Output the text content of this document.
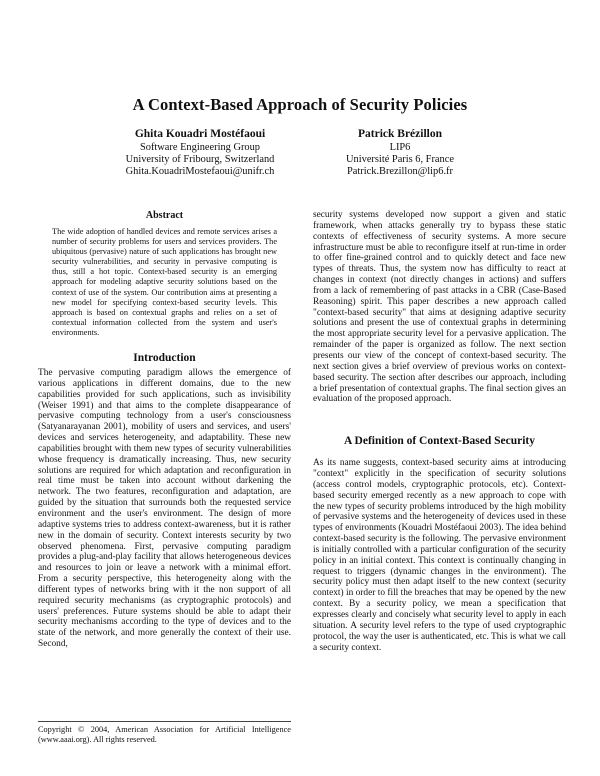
A Context-Based Approach of Security Policies
Ghita Kouadri Mostéfaoui
Software Engineering Group
University of Fribourg, Switzerland
Ghita.KouadriMostefaoui@unifr.ch
Patrick Brézillon
LIP6
Université Paris 6, France
Patrick.Brezillon@lip6.fr
Abstract

The wide adoption of handled devices and remote services arises a number of security problems for users and services providers. The ubiquitous (pervasive) nature of such applications has brought new security vulnerabilities, and security in pervasive computing is thus, still a hot topic. Context-based security is an emerging approach for modeling adaptive security solutions based on the context of use of the system. Our contribution aims at presenting a new model for specifying context-based security levels. This approach is based on contextual graphs and relies on a set of contextual information collected from the system and user's environments.

Introduction

The pervasive computing paradigm allows the emergence of various applications in different domains, due to the new capabilities provided for such applications, such as invisibility (Weiser 1991) and that aims to the complete disappearance of pervasive computing technology from a user's consciousness (Satyanarayanan 2001), mobility of users and services, and users' devices and services heterogeneity, and adaptability. These new capabilities brought with them new types of security vulnerabilities whose frequency is dramatically increasing. Thus, new security solutions are required for which adaptation and reconfiguration in real time must be taken into account without darkening the network. The two features, reconfiguration and adaptation, are guided by the situation that surrounds both the requested service environment and the user's environment. The design of more adaptive systems tries to address context-awareness, but it is rather new in the domain of security. Context interests security by two observed phenomena. First, pervasive computing paradigm provides a plug-and-play facility that allows heterogeneous devices and resources to join or leave a network with a minimal effort. From a security perspective, this heterogeneity along with the different types of networks bring with it the non support of all required security mechanisms (as cryptographic protocols) and users' preferences. Future systems should be able to adapt their security mechanisms according to the type of devices and to the state of the network, and more generally the context of their use. Second,

Copyright © 2004, American Association for Artificial Intelligence (www.aaai.org). All rights reserved.

security systems developed now support a given and static framework, when attacks generally try to bypass these static contexts of effectiveness of security systems. A more secure infrastructure must be able to reconfigure itself at run-time in order to offer fine-grained control and to quickly detect and face new types of threats. Thus, the system now has difficulty to react at changes in context (not directly changes in actions) and suffers from a lack of remembering of past attacks in a CBR (Case-Based Reasoning) spirit. This paper describes a new approach called "context-based security" that aims at designing adaptive security solutions and present the use of contextual graphs in determining the most appropriate security level for a pervasive application. The remainder of the paper is organized as follow. The next section presents our view of the concept of context-based security. The next section gives a brief overview of previous works on context-based security. The section after describes our approach, including a brief presentation of contextual graphs. The final section gives an evaluation of the proposed approach.

A Definition of Context-Based Security

As its name suggests, context-based security aims at introducing "context" explicitly in the specification of security solutions (access control models, cryptographic protocols, etc). Context-based security emerged recently as a new approach to cope with the new types of security problems introduced by the high mobility of pervasive systems and the heterogeneity of devices used in these types of environments (Kouadri Mostéfaoui 2003). The idea behind context-based security is the following. The pervasive environment is initially controlled with a particular configuration of the security policy in an initial context. This context is continually changing in request to triggers (dynamic changes in the environment). The security policy must then adapt itself to the new context (security context) in order to fill the breaches that may be opened by the new context. By a security policy, we mean a specification that expresses clearly and concisely what security level to apply in each situation. A security level refers to the type of used cryptographic protocol, the way the user is authenticated, etc. This is what we call a security context.
